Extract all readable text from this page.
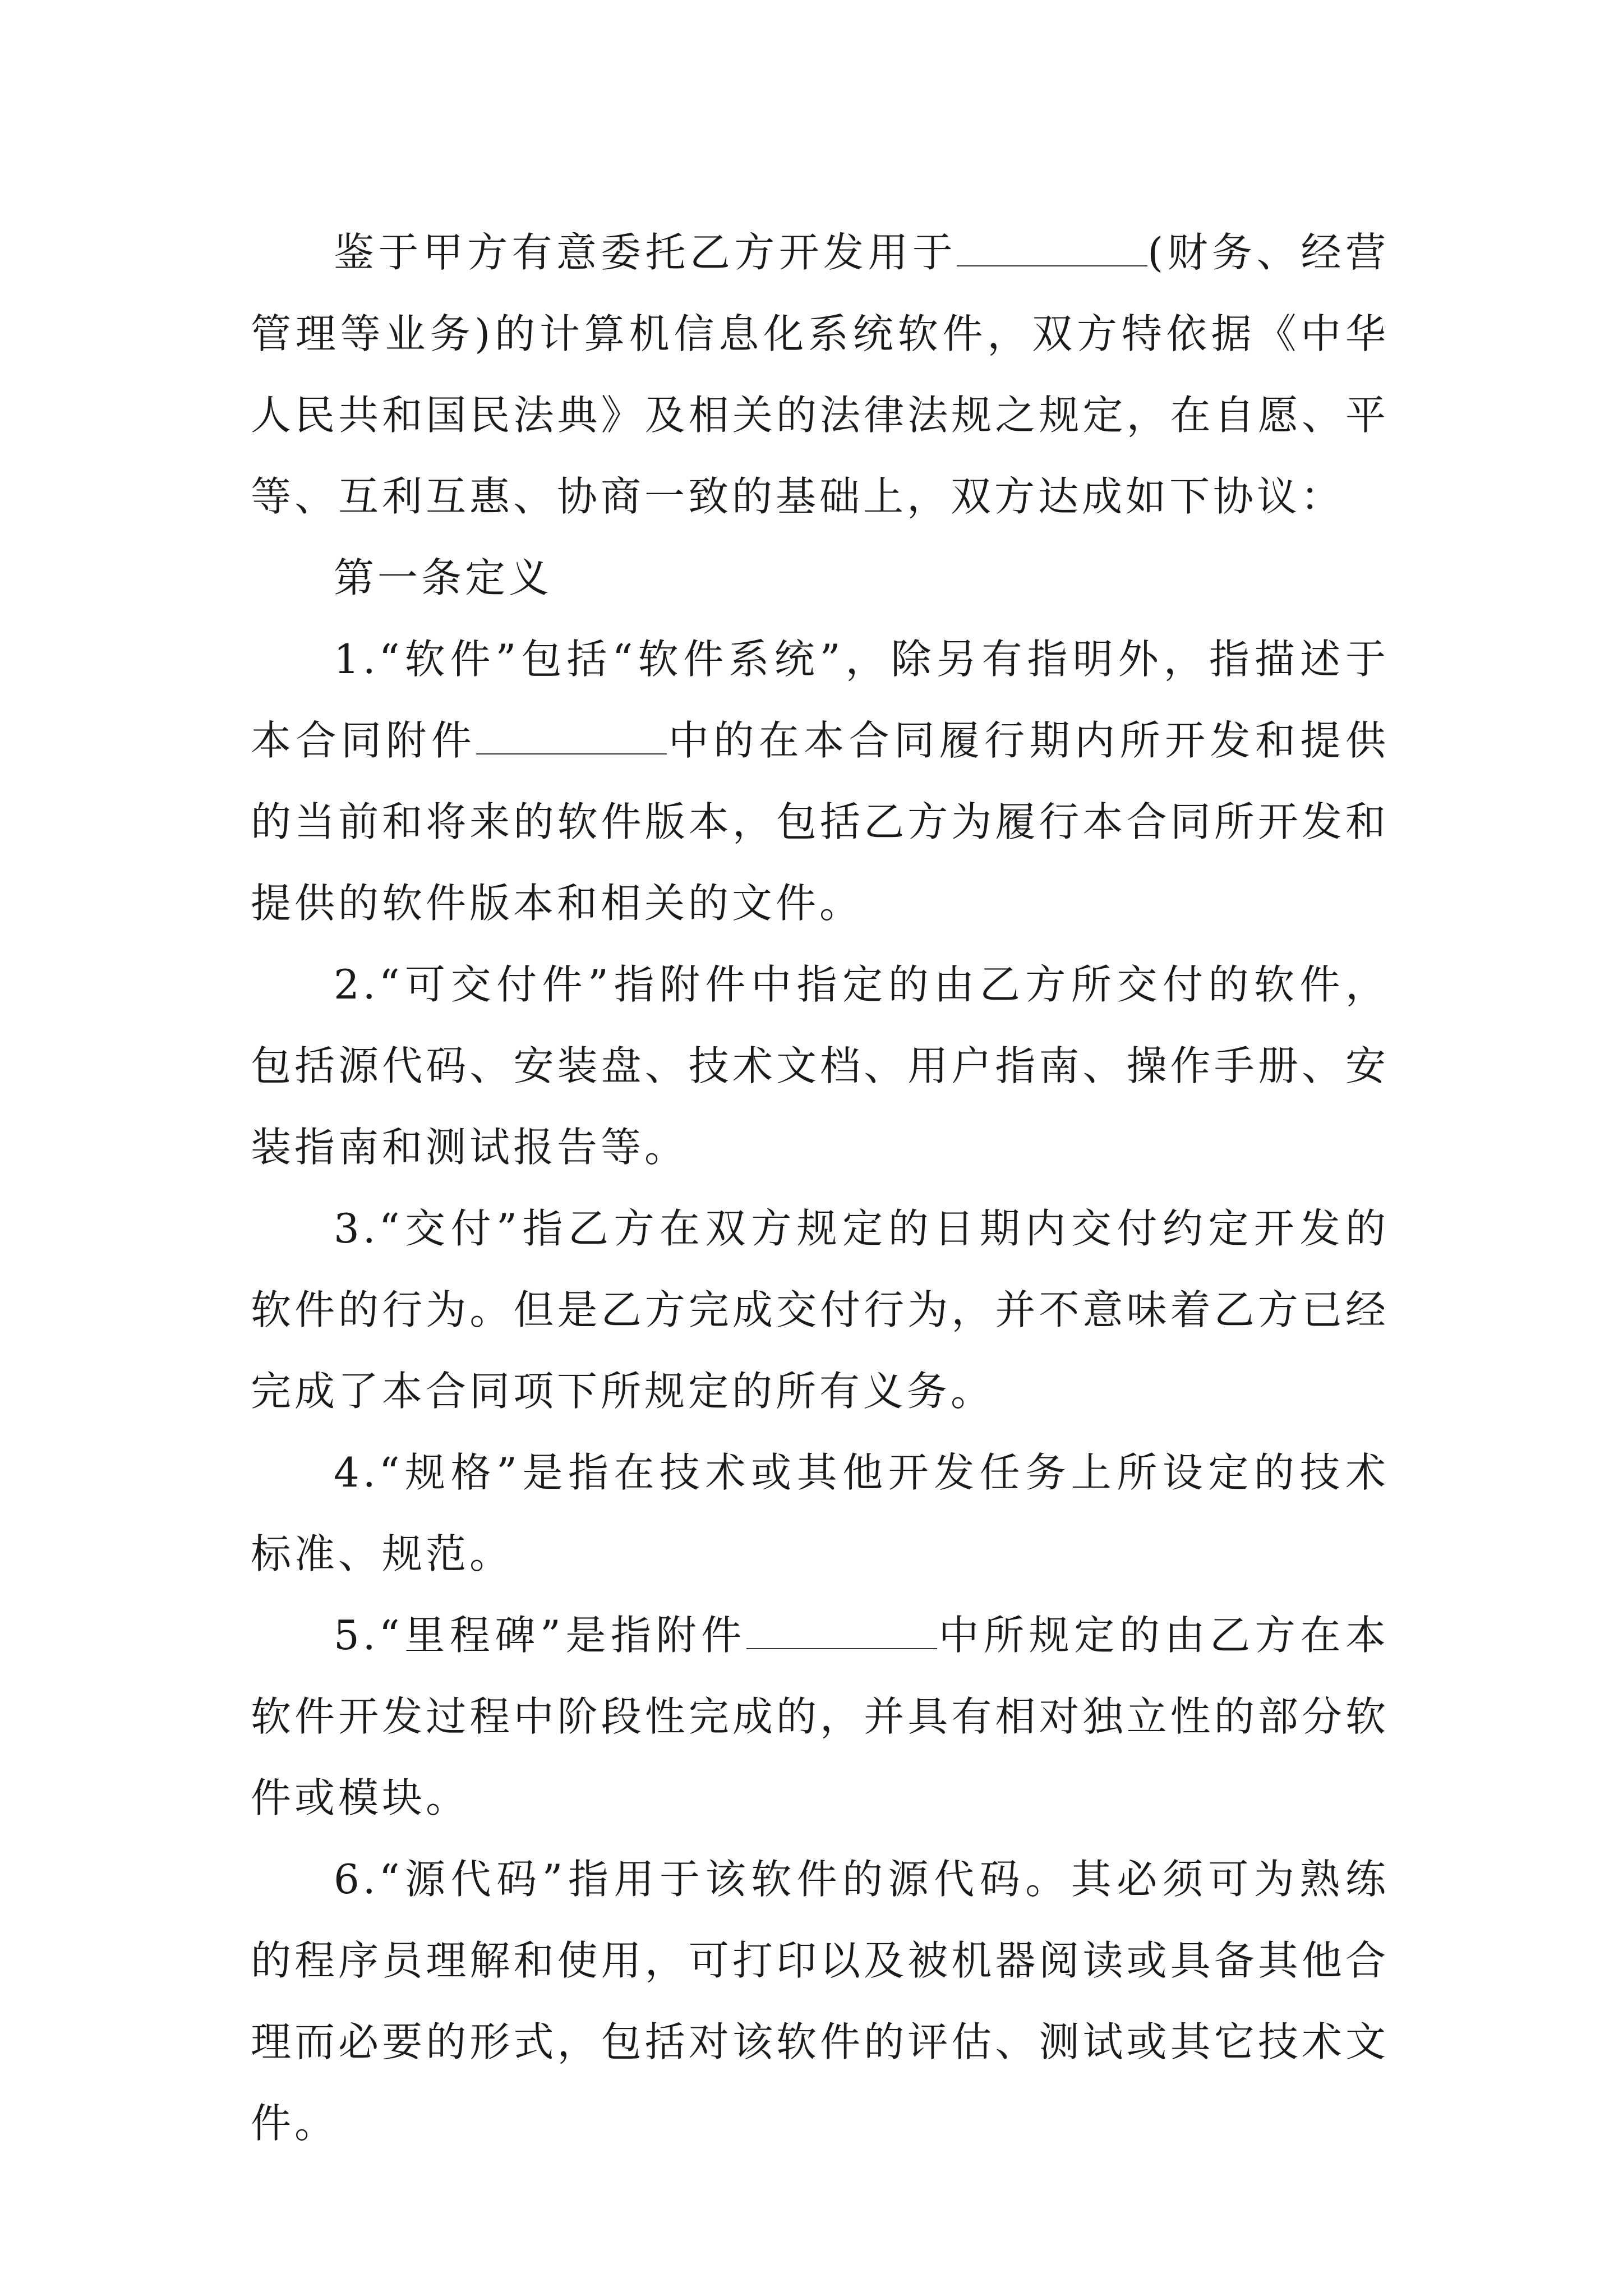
鉴于甲方有意委托乙方开发用于	(财务、经营管理等业务)的计算机信息化系统软件，双方特依据《中华人民共和国民法典》及相关的法律法规之规定，在自愿、平等、互利互惠、协商一致的基础上，双方达成如下协议：

第一条定义

1.“软件”包括“软件系统”，除另有指明外，指描述于本合同附件	中的在本合同履行期内所开发和提供的当前和将来的软件版本，包括乙方为履行本合同所开发和提供的软件版本和相关的文件。

2.“可交付件”指附件中指定的由乙方所交付的软件，包括源代码、安装盘、技术文档、用户指南、操作手册、安装指南和测试报告等。

3.“交付”指乙方在双方规定的日期内交付约定开发的软件的行为。但是乙方完成交付行为，并不意味着乙方已经完成了本合同项下所规定的所有义务。

4.“规格”是指在技术或其他开发任务上所设定的技术标准、规范。

5.“里程碑”是指附件	中所规定的由乙方在本软件开发过程中阶段性完成的，并具有相对独立性的部分软件或模块。

6.“源代码”指用于该软件的源代码。其必须可为熟练的程序员理解和使用，可打印以及被机器阅读或具备其他合理而必要的形式，包括对该软件的评估、测试或其它技术文件。
